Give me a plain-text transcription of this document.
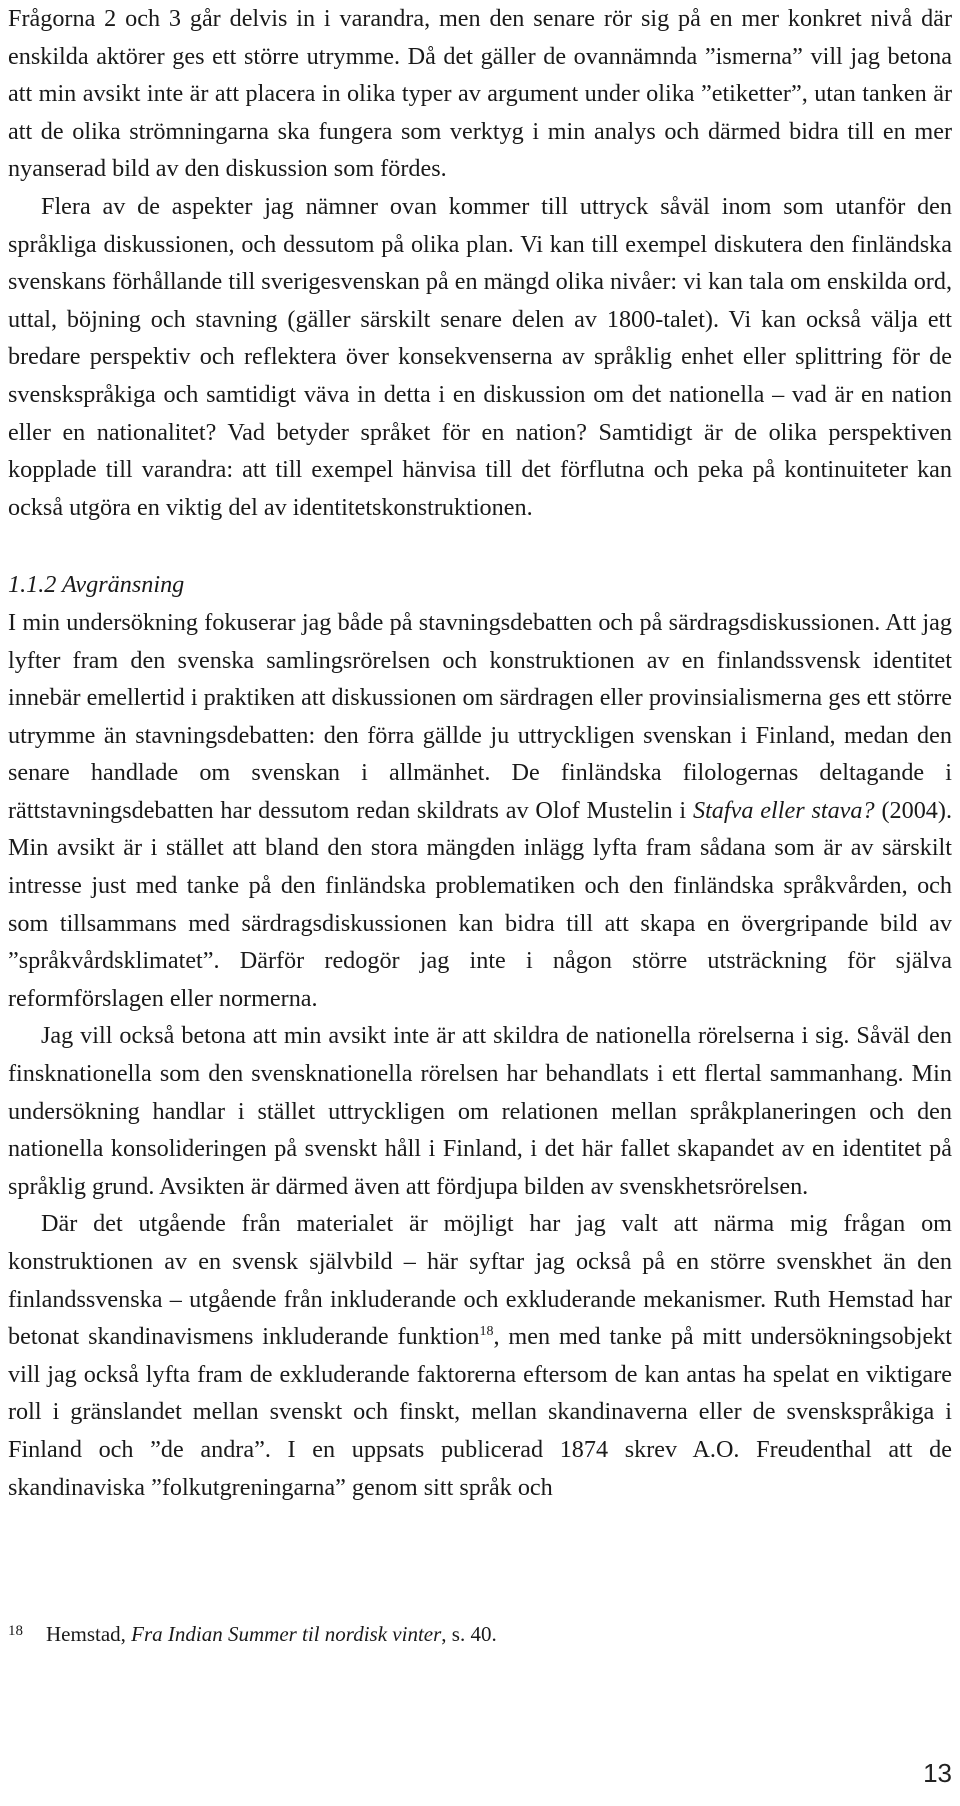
Frågorna 2 och 3 går delvis in i varandra, men den senare rör sig på en mer konkret nivå där enskilda aktörer ges ett större utrymme. Då det gäller de ovannämnda ”ismerna” vill jag betona att min avsikt inte är att placera in olika typer av argument under olika ”etiketter”, utan tanken är att de olika strömningarna ska fungera som verktyg i min analys och därmed bidra till en mer nyanserad bild av den diskussion som fördes.

Flera av de aspekter jag nämner ovan kommer till uttryck såväl inom som utanför den språkliga diskussionen, och dessutom på olika plan. Vi kan till exempel diskutera den finländska svenskans förhållande till sverigesvenskan på en mängd olika nivåer: vi kan tala om enskilda ord, uttal, böjning och stavning (gäller särskilt senare delen av 1800-talet). Vi kan också välja ett bredare perspektiv och reflektera över konsekvenserna av språklig enhet eller splittring för de svenskspråkiga och samtidigt väva in detta i en diskussion om det nationella – vad är en nation eller en nationalitet? Vad betyder språket för en nation? Samtidigt är de olika perspektiven kopplade till varandra: att till exempel hänvisa till det förflutna och peka på kontinuiteter kan också utgöra en viktig del av identitetskonstruktionen.

1.1.2 Avgränsning

I min undersökning fokuserar jag både på stavningsdebatten och på särdragsdiskussionen. Att jag lyfter fram den svenska samlingsrörelsen och konstruktionen av en finlandssvensk identitet innebär emellertid i praktiken att diskussionen om särdragen eller provinsialismerna ges ett större utrymme än stavningsdebatten: den förra gällde ju uttryckligen svenskan i Finland, medan den senare handlade om svenskan i allmänhet. De finländska filologernas deltagande i rättstavningsdebatten har dessutom redan skildrats av Olof Mustelin i Stafva eller stava? (2004). Min avsikt är i stället att bland den stora mängden inlägg lyfta fram sådana som är av särskilt intresse just med tanke på den finländska problematiken och den finländska språkvården, och som tillsammans med särdragsdiskussionen kan bidra till att skapa en övergripande bild av ”språkvårdsklimatet”. Därför redogör jag inte i någon större utsträckning för själva reformförslagen eller normerna.

Jag vill också betona att min avsikt inte är att skildra de nationella rörelserna i sig. Såväl den finsknationella som den svensknationella rörelsen har behandlats i ett flertal sammanhang. Min undersökning handlar i stället uttryckligen om relationen mellan språkplaneringen och den nationella konsolideringen på svenskt håll i Finland, i det här fallet skapandet av en identitet på språklig grund. Avsikten är därmed även att fördjupa bilden av svenskhetsrörelsen.

Där det utgående från materialet är möjligt har jag valt att närma mig frågan om konstruktionen av en svensk självbild – här syftar jag också på en större svenskhet än den finlandssvenska – utgående från inkluderande och exkluderande mekanismer. Ruth Hemstad har betonat skandinavismens inkluderande funktion$^{18}$, men med tanke på mitt undersökningsobjekt vill jag också lyfta fram de exkluderande faktorerna eftersom de kan antas ha spelat en viktigare roll i gränslandet mellan svenskt och finskt, mellan skandinaverna eller de svenskspråkiga i Finland och ”de andra”. I en uppsats publicerad 1874 skrev A.O. Freudenthal att de skandinaviska ”folkutgreningarna” genom sitt språk och

18 Hemstad, Fra Indian Summer til nordisk vinter, s. 40.
13
